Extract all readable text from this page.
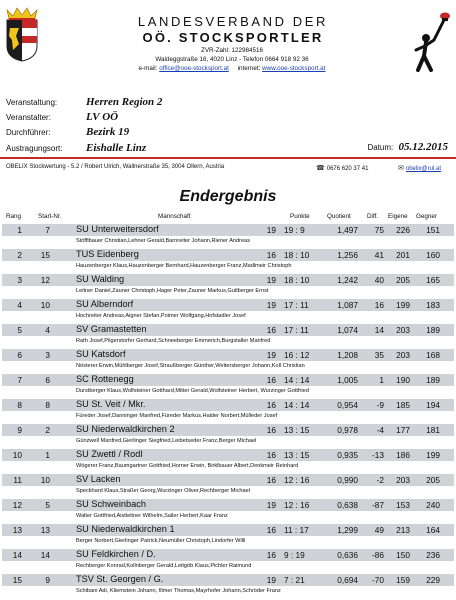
LANDESVERBAND DER
OÖ. STOCKSPORTLER
ZVR-Zahl: 122984516
Waldeggstraße 16, 4020 Linz - Telefon 0664 918 92 36
e-mail: office@ooe-stocksport.at internet: www.ooe-stocksport.at
Veranstaltung:	Herren Region 2
Veranstalter:	LV OÖ
Durchführer:	Bezirk 19
Austragungsort: Eishalle Linz	Datum: 05.12.2015
OBELIX Stockwertung - 5.2 / Robert Ulrich, Wallnerstraße 35, 3004 Ollern, Austria	☎ 0676 620 37 41	✉ obelix@rul.at
Endergebnis
Rang	Start-Nr.	Mannschaft	Punkte	Quotient	Diff. Eigene Gegner
1	7	SU Unterweitersdorf	19 19 : 9	1,497	75	226	151
Stöfflbauer Christian,Lehner Gerald,Barnreiter Johann,Riener Andreas
2	15	TUS Eidenberg	16 18 : 10	1,256	41	201	160
Hauzenberger Klaus,Hauzenberger Bernhard,Hauzenberger Franz,Madlmeir Christoph
3	12	SU Walding	19 18 : 10	1,242	40	205	165
Leitner Daniel,Zauner Christoph,Hager Peter,Zauner Markus,Gutlberger Ernst
4	10	SU Alberndorf	19 17 : 11	1,087	16	199	183
Hochreiter Andreas,Aigner Stefan,Poimer Wolfgang,Hofstadler Josef
5	4	SV Gramastetten	16 17 : 11	1,074	14	203	189
Rath Josef,Pilgerstorfer Gerhard,Schneeberger Emmerich,Burgstaller Manfred
6	3	SU Katsdorf	19 16 : 12	1,208	35	203	168
Nösterer Erwin,Mühlberger Josef,Straußberger Günther,Weitersberger Johann,Koll Christian
7	6	SC Rottenegg	16 14 : 14	1,005	1	190	189
Durstberger Klaus,Wolfsteiner Gotthard,Mitter Gerald,Wolfsteiner Herbert, Wurzinger Gottfried
8	8	SU St. Veit / Mkr.	16 14 : 14	0,954	-9	185	194
Füreder Josef,Danninger Manfred,Füreder Markus,Haider Norbert,Mülleder Josef
9	2	SU Niederwaldkirchen 2	16 13 : 15	0,978	-4	177	181
Günzwell Manfred,Gierlinger Siegfried,Leibetseder Franz,Berger Michael
10	1	SU Zwettl / Rodl	16 13 : 15	0,935	-13	186	199
Wögerer Franz,Baumgartner Gottfried,Horner Erwin, Birklbauer Albert,Denkmeir Reinhard
11	10	SV Lacken	16 12 : 16	0,990	-2	203	205
Speckhard Klaus,Straßer Georg,Wurzinger Oliver,Rechberger Michael
12	5	SU Schweinbach	19 12 : 16	0,638	-87	153	240
Walter Gottfried,Aistleitner Wilhelm,Sailer Herbert,Kaar Franz
13	13	SU Niederwaldkirchen 1	16 11 : 17	1,299	49	213	164
Berger Norbert,Gierlinger Patrick,Neumüller Christoph,Lindorfer Willi
14	14	SU Feldkirchen / D.	16 9 : 19	0,636	-86	150	236
Rechberger Konrad,Kollnberger Gerald,Leitgöb Klaus,Pichler Raimund
15	9	TSV St. Georgen / G.	19 7 : 21	0,694	-70	159	229
Schibani Adi, Kliemstein Johann, Illmer Thomas,Mayrhofer Johann,Schröder Franz
